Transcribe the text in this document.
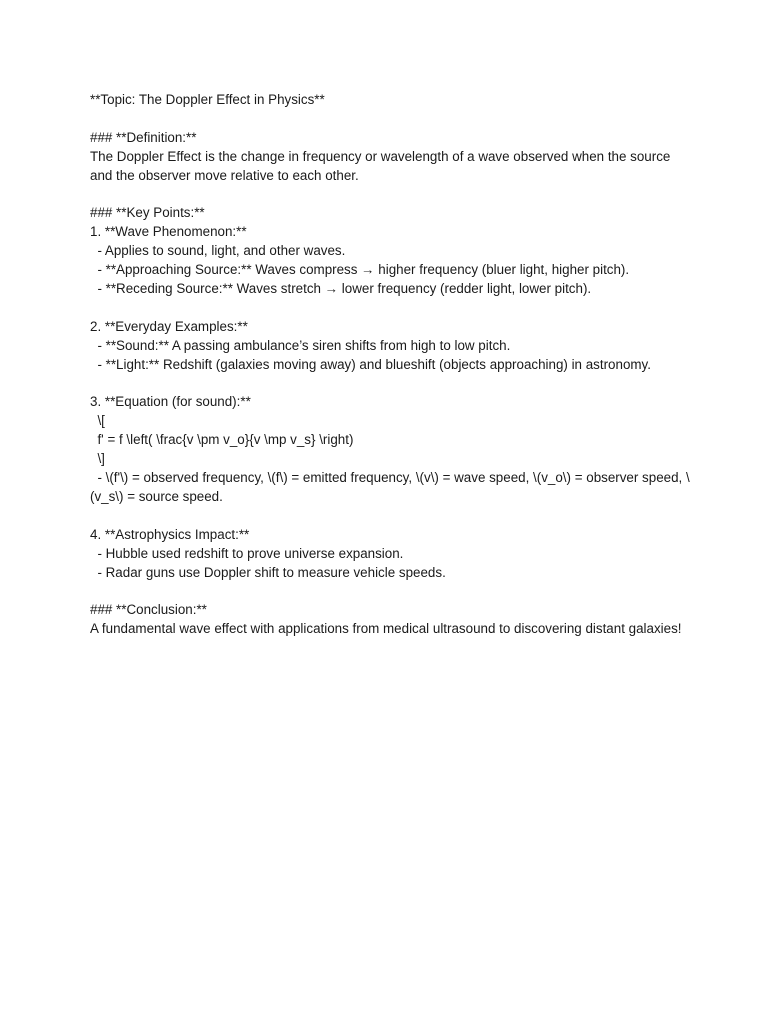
**Topic: The Doppler Effect in Physics**

### **Definition:**

The Doppler Effect is the change in frequency or wavelength of a wave observed when the source and the observer move relative to each other.

### **Key Points:**

1. **Wave Phenomenon:**

- Applies to sound, light, and other waves.

- **Approaching Source:** Waves compress → higher frequency (bluer light, higher pitch).

- **Receding Source:** Waves stretch → lower frequency (redder light, lower pitch).

2. **Everyday Examples:**

- **Sound:** A passing ambulance’s siren shifts from high to low pitch.

- **Light:** Redshift (galaxies moving away) and blueshift (objects approaching) in astronomy.

3. **Equation (for sound):**

\[

f' = f \left( \frac{v \pm v_o}{v \mp v_s} \right)

\]

- \(f'\) = observed frequency, \(f\) = emitted frequency, \(v\) = wave speed, \(v_o\) = observer speed, \(v_s\) = source speed.

4. **Astrophysics Impact:**

- Hubble used redshift to prove universe expansion.

- Radar guns use Doppler shift to measure vehicle speeds.

### **Conclusion:**

A fundamental wave effect with applications from medical ultrasound to discovering distant galaxies!
